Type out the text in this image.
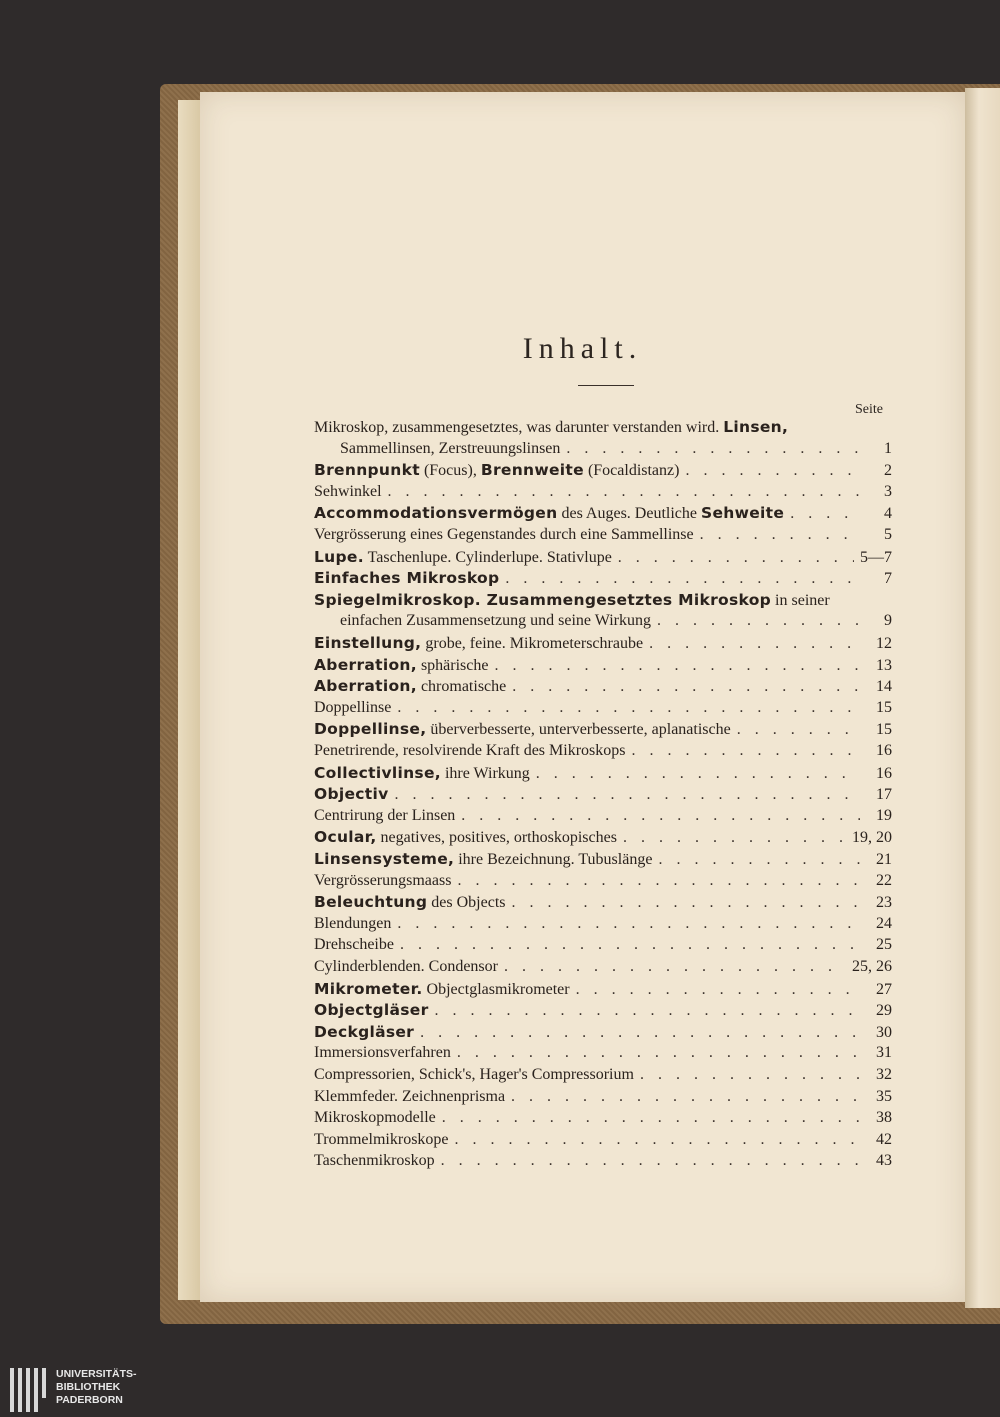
Inhalt.
Seite
Mikroskop, zusammengesetztes, was darunter verstanden wird. Linsen,
Sammellinsen, Zerstreuungslinsen . . .	1
Brennpunkt (Focus), Brennweite (Focaldistanz) . . .	2
Sehwinkel . . .	3
Accommodationsvermögen des Auges. Deutliche Sehweite . . .	4
Vergrösserung eines Gegenstandes durch eine Sammellinse . . .	5
Lupe. Taschenlupe. Cylinderlupe. Stativlupe . . .	5—7
Einfaches Mikroskop . . .	7
Spiegelmikroskop. Zusammengesetztes Mikroskop in seiner
einfachen Zusammensetzung und seine Wirkung . . .	9
Einstellung, grobe, feine. Mikrometerschraube . . .	12
Aberration, sphärische . . .	13
Aberration, chromatische . . .	14
Doppellinse . . .	15
Doppellinse, überverbesserte, unterverbesserte, aplanatische . . .	15
Penetrirende, resolvirende Kraft des Mikroskops . . .	16
Collectivlinse, ihre Wirkung . . .	16
Objectiv . . .	17
Centrirung der Linsen . . .	19
Ocular, negatives, positives, orthoskopisches . . .	19, 20
Linsensysteme, ihre Bezeichnung. Tubuslänge . . .	21
Vergrösserungsmaass . . .	22
Beleuchtung des Objects . . .	23
Blendungen . . .	24
Drehscheibe . . .	25
Cylinderblenden. Condensor . . .	25, 26
Mikrometer. Objectglasmikrometer . . .	27
Objectgläser . . .	29
Deckgläser . . .	30
Immersionsverfahren . . .	31
Compressorien, Schick's, Hager's Compressorium . . .	32
Klemmfeder. Zeichnenprisma . . .	35
Mikroskopmodelle . . .	38
Trommelmikroskope . . .	42
Taschenmikroskop . . .	43
UNIVERSITÄTS-
BIBLIOTHEK
PADERBORN
